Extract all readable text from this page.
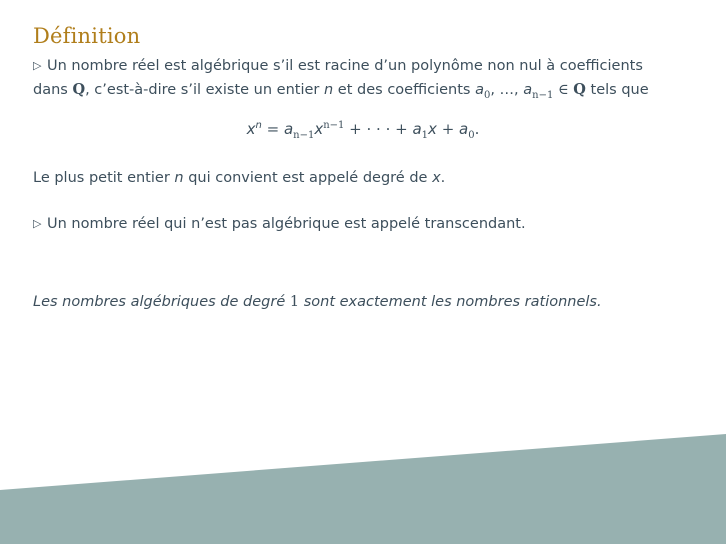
Définition
▷ Un nombre réel est algébrique s’il est racine d’un polynôme non nul à coefficients
dans Q, c’est-à-dire s’il existe un entier n et des coefficients $a_0$, …, $a_{n-1}$ ∈ Q tels que
$x^n = a_{n-1}x^{n-1}$ + · · · + $a_1x + a_0$.
Le plus petit entier n qui convient est appelé degré de x.
▷ Un nombre réel qui n’est pas algébrique est appelé transcendant.
Les nombres algébriques de degré 1 sont exactement les nombres rationnels.
